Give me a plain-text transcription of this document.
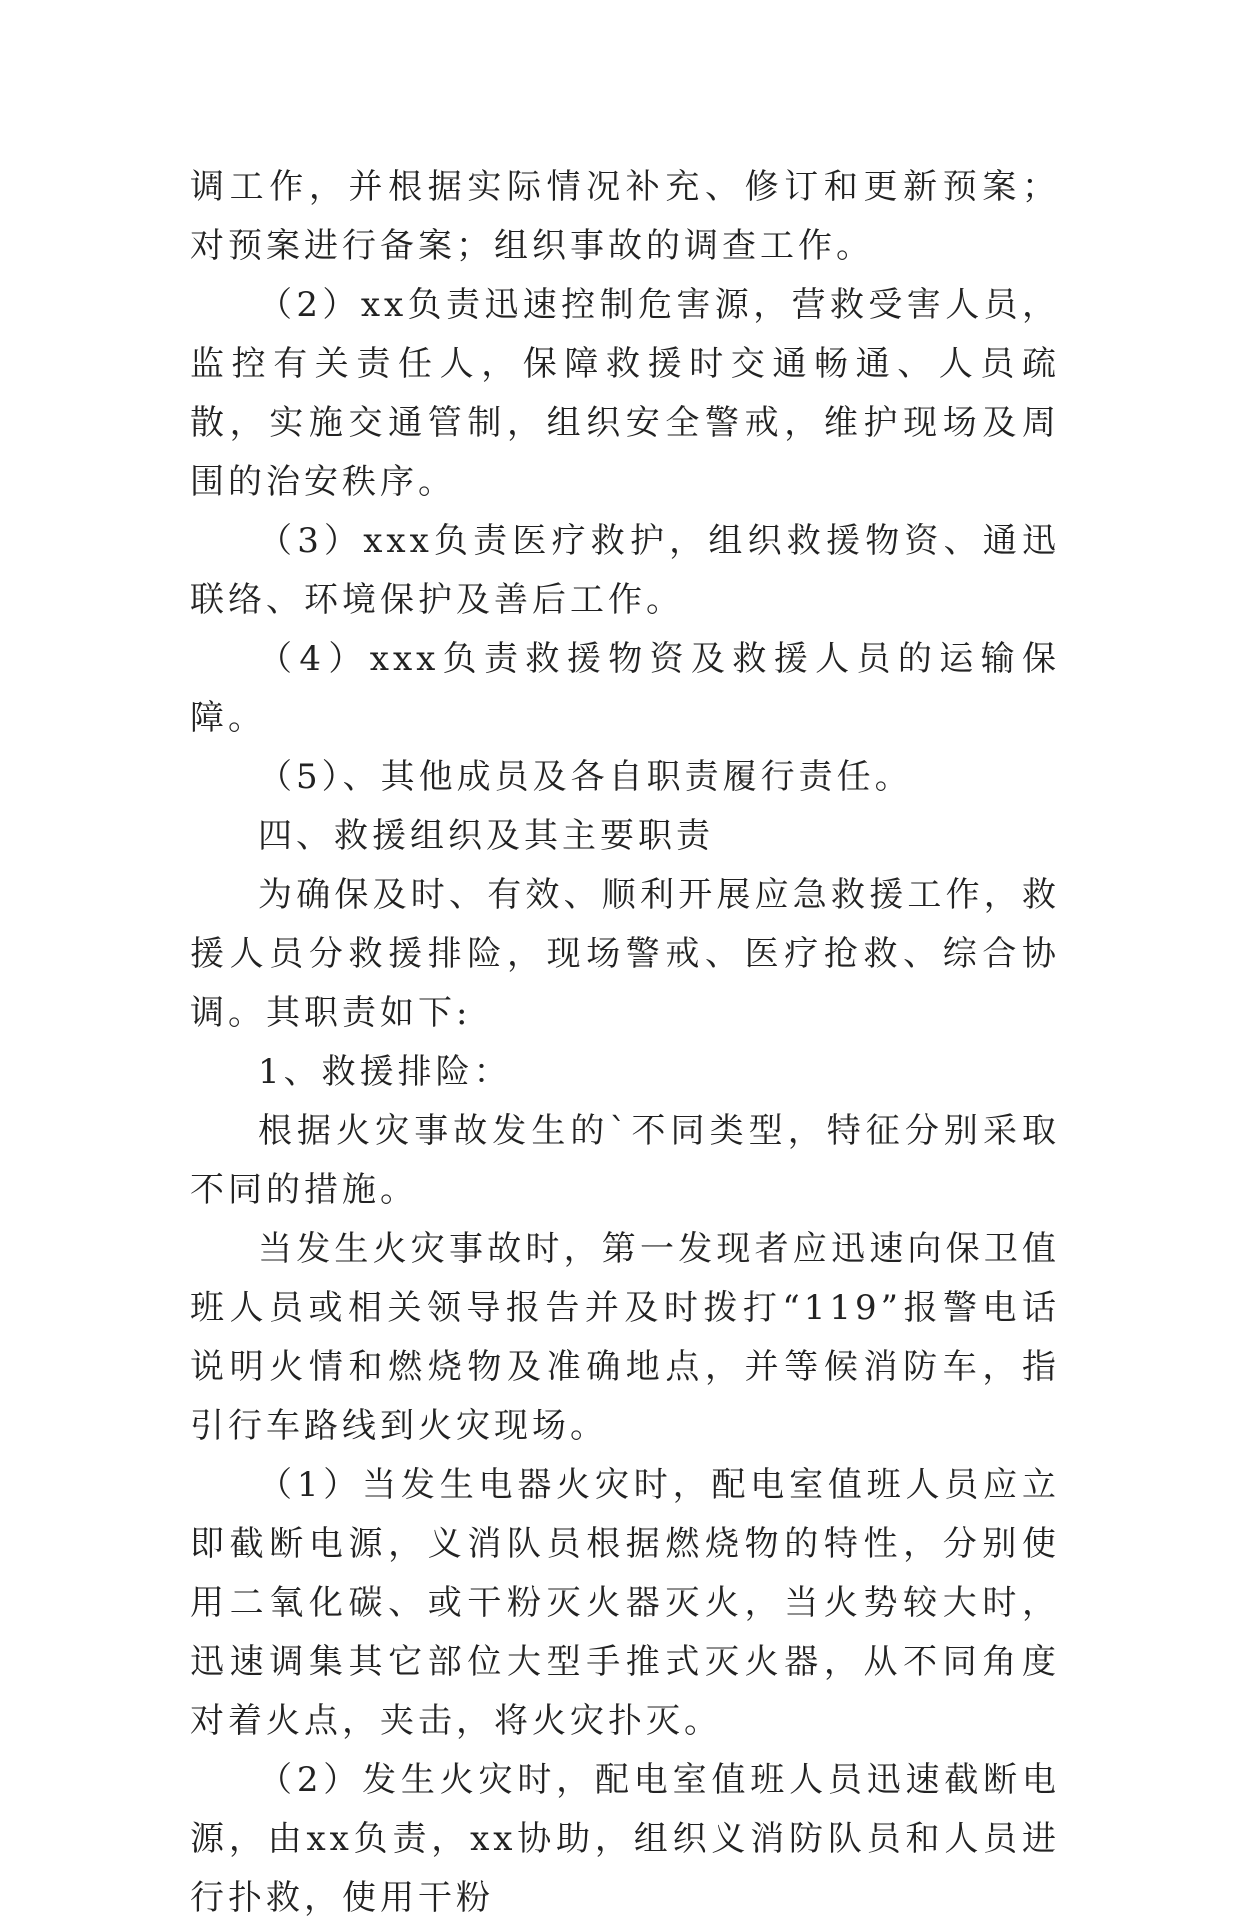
调工作，并根据实际情况补充、修订和更新预案；对预案进行备案；组织事故的调查工作。

（2）xx负责迅速控制危害源，营救受害人员，监控有关责任人，保障救援时交通畅通、人员疏散，实施交通管制，组织安全警戒，维护现场及周围的治安秩序。

（3）xxx负责医疗救护，组织救援物资、通迅联络、环境保护及善后工作。

（4）xxx负责救援物资及救援人员的运输保障。

（5）、其他成员及各自职责履行责任。

四、救援组织及其主要职责

为确保及时、有效、顺利开展应急救援工作，救援人员分救援排险，现场警戒、医疗抢救、综合协调。其职责如下:

1、救援排险：

根据火灾事故发生的`不同类型，特征分别采取不同的措施。

当发生火灾事故时，第一发现者应迅速向保卫值班人员或相关领导报告并及时拨打“119”报警电话说明火情和燃烧物及准确地点，并等候消防车，指引行车路线到火灾现场。

（1）当发生电器火灾时，配电室值班人员应立即截断电源，义消队员根据燃烧物的特性，分别使用二氧化碳、或干粉灭火器灭火，当火势较大时，迅速调集其它部位大型手推式灭火器，从不同角度对着火点，夹击，将火灾扑灭。

（2）发生火灾时，配电室值班人员迅速截断电源，由xx负责，xx协助，组织义消防队员和人员进行扑救，使用干粉
